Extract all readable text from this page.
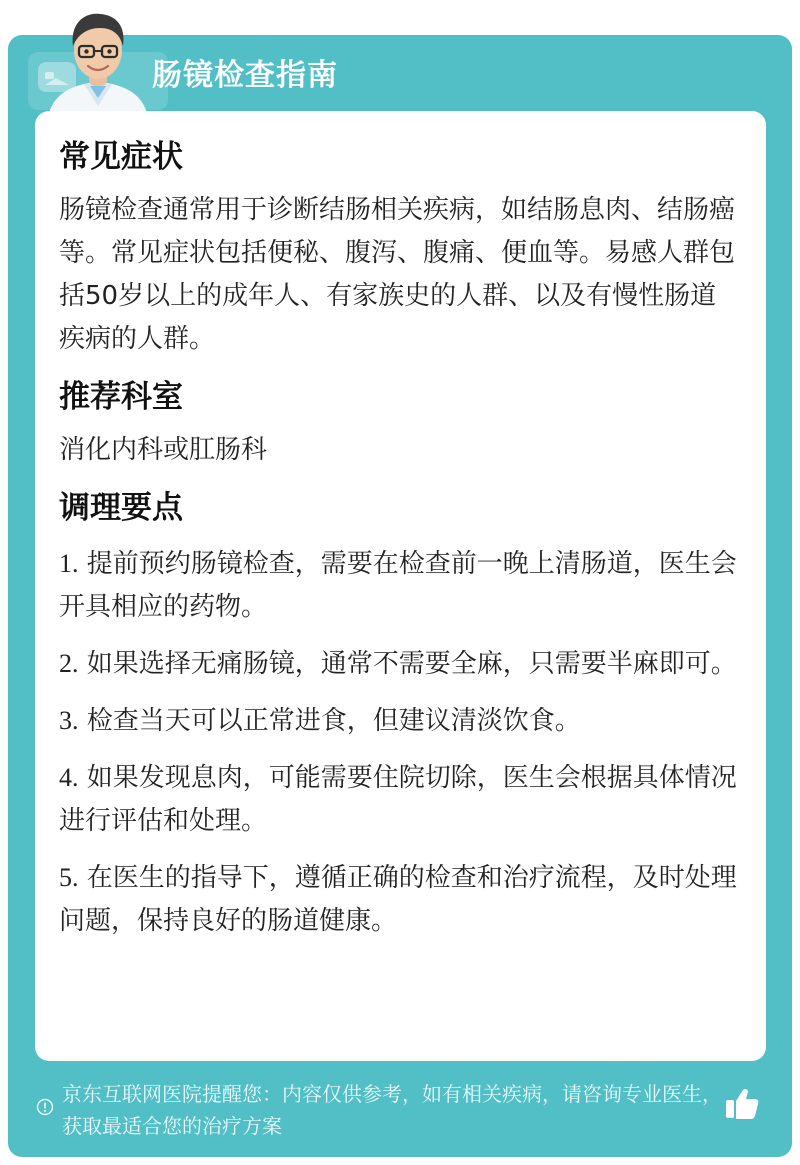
肠镜检查指南
常见症状

肠镜检查通常用于诊断结肠相关疾病，如结肠息肉、结肠癌等。常见症状包括便秘、腹泻、腹痛、便血等。易感人群包括50岁以上的成年人、有家族史的人群、以及有慢性肠道疾病的人群。

推荐科室

消化内科或肛肠科

调理要点

1. 提前预约肠镜检查，需要在检查前一晚上清肠道，医生会开具相应的药物。

2. 如果选择无痛肠镜，通常不需要全麻，只需要半麻即可。

3. 检查当天可以正常进食，但建议清淡饮食。

4. 如果发现息肉，可能需要住院切除，医生会根据具体情况进行评估和处理。

5. 在医生的指导下，遵循正确的检查和治疗流程，及时处理问题，保持良好的肠道健康。

京东互联网医院提醒您：内容仅供参考，如有相关疾病，请咨询专业医生，获取最适合您的治疗方案
